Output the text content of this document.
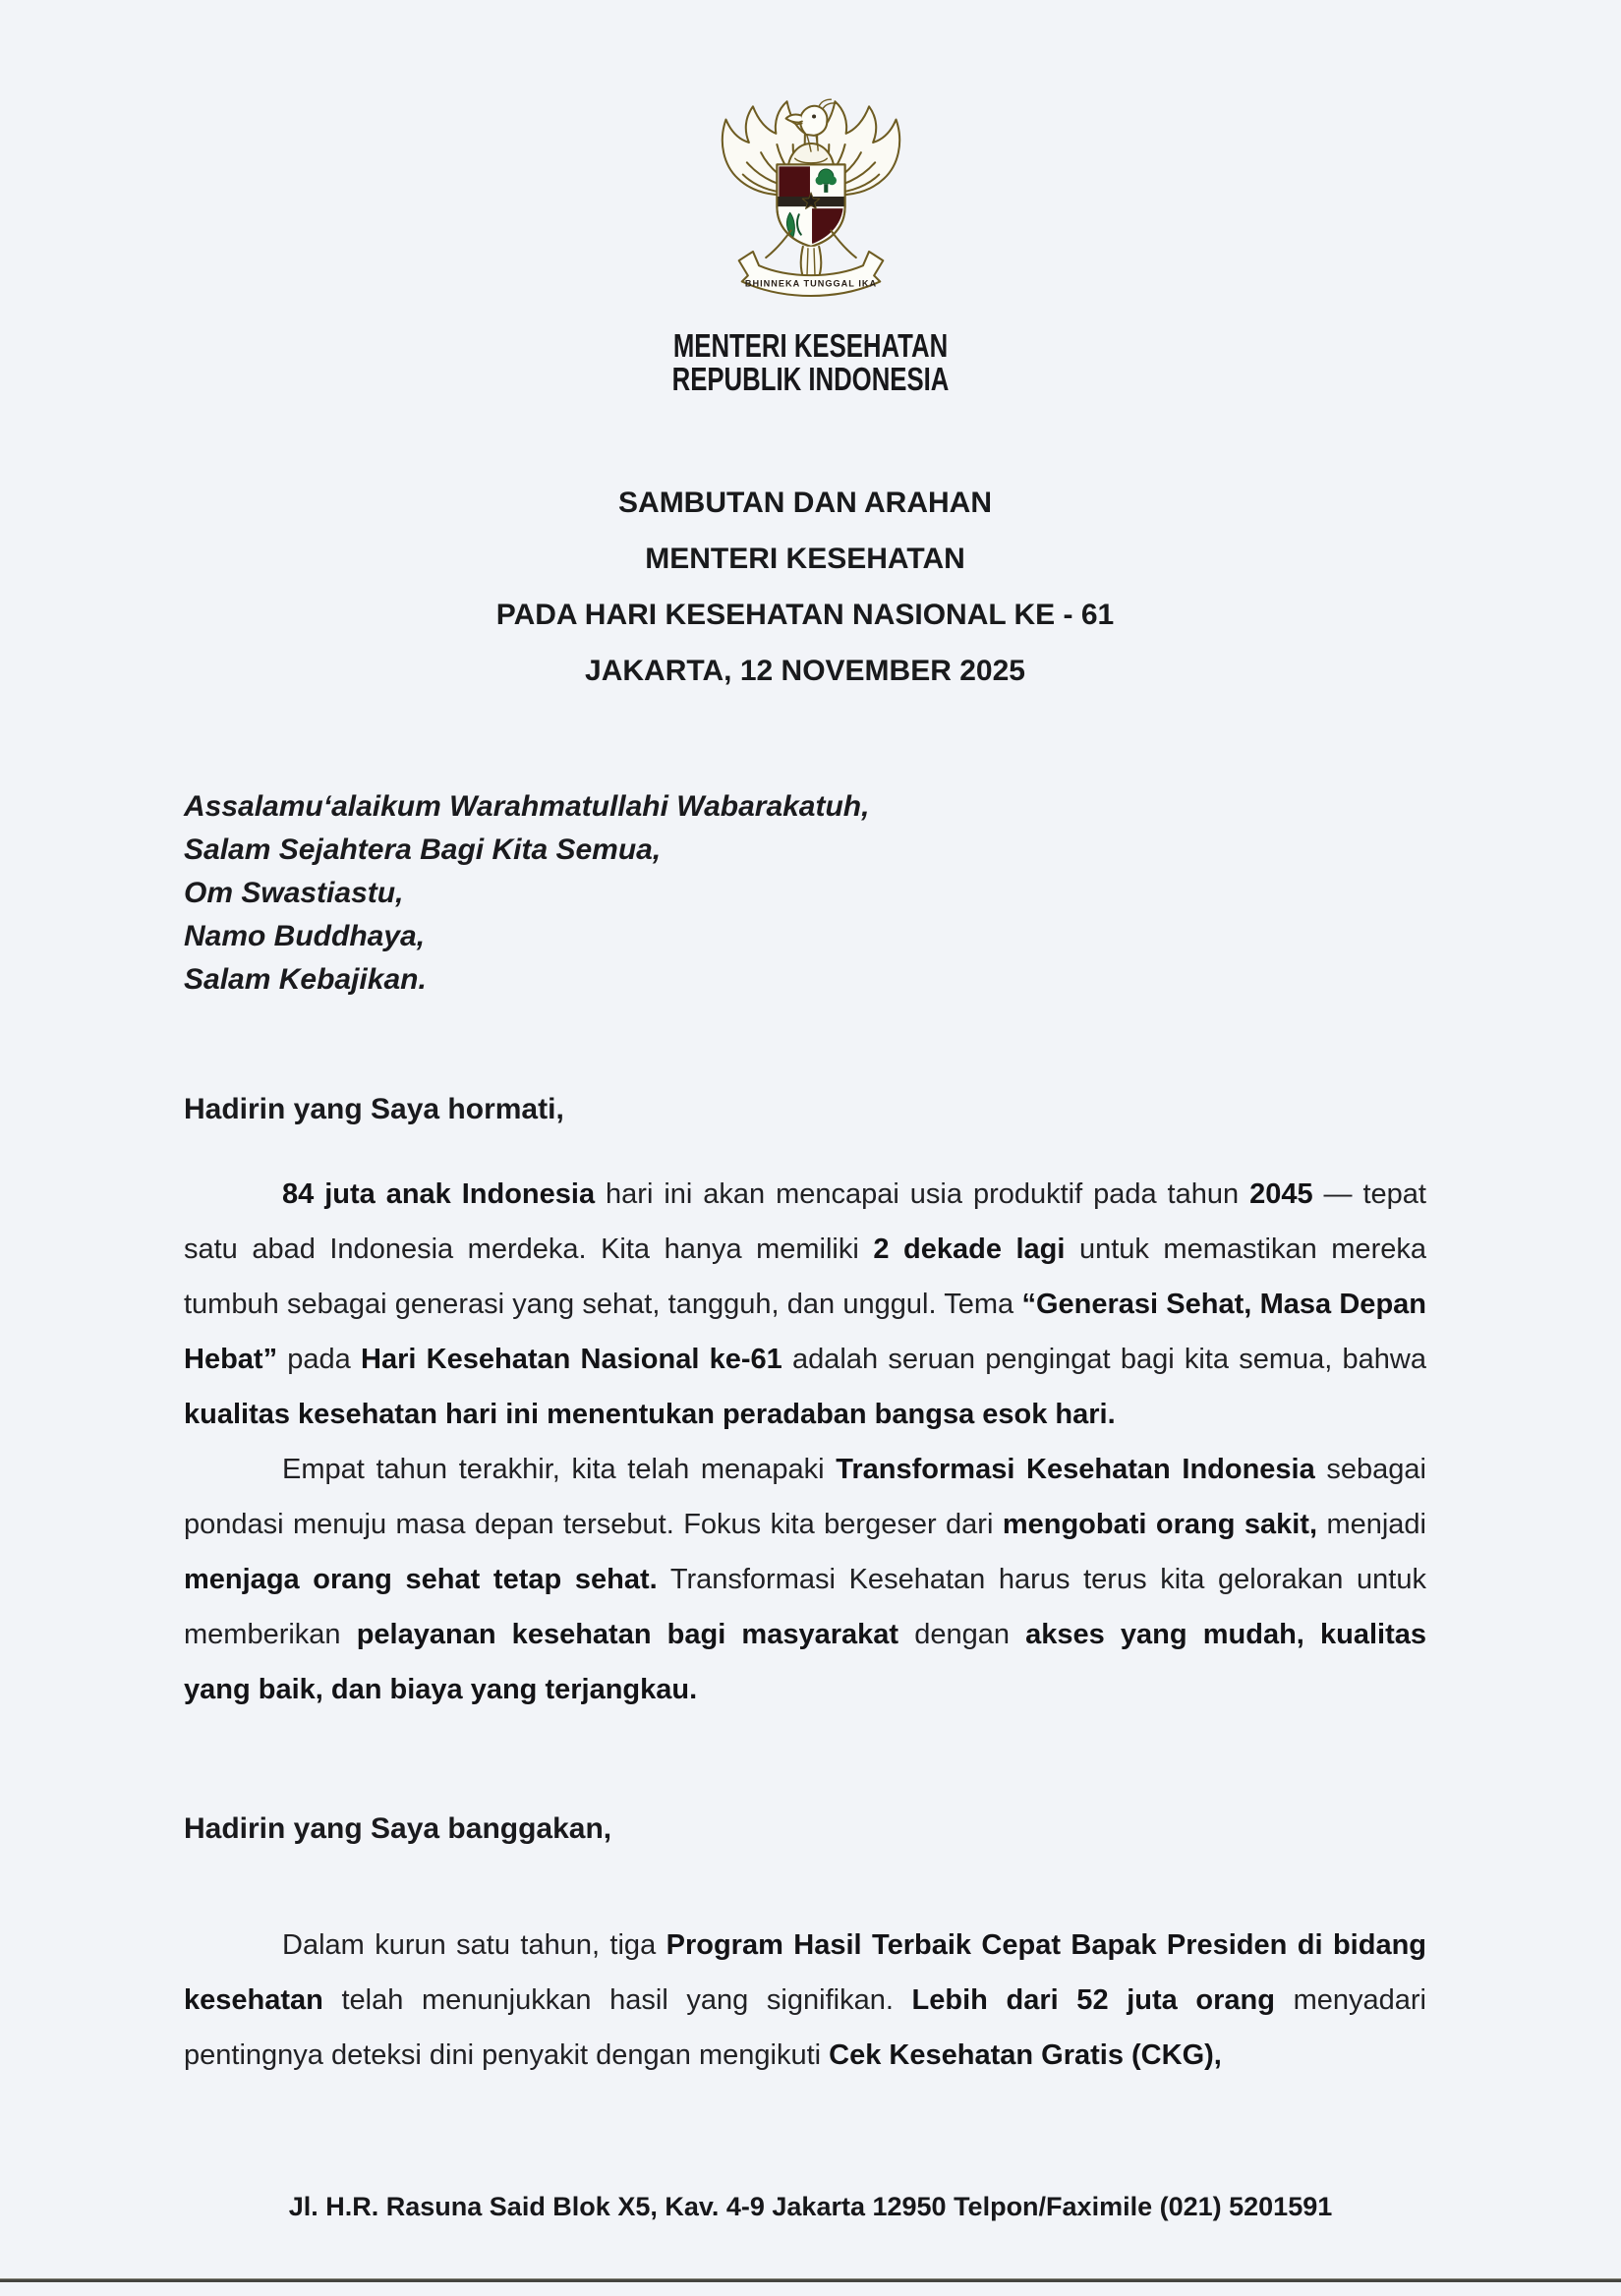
BHINNEKA TUNGGAL IKA
MENTERI KESEHATAN
REPUBLIK INDONESIA
SAMBUTAN DAN ARAHAN
MENTERI KESEHATAN
PADA HARI KESEHATAN NASIONAL KE - 61
JAKARTA, 12 NOVEMBER 2025
Assalamu‘alaikum Warahmatullahi Wabarakatuh,
Salam Sejahtera Bagi Kita Semua,
Om Swastiastu,
Namo Buddhaya,
Salam Kebajikan.
Hadirin yang Saya hormati,

84 juta anak Indonesia hari ini akan mencapai usia produktif pada tahun 2045 — tepat satu abad Indonesia merdeka. Kita hanya memiliki 2 dekade lagi untuk memastikan mereka tumbuh sebagai generasi yang sehat, tangguh, dan unggul. Tema “Generasi Sehat, Masa Depan Hebat” pada Hari Kesehatan Nasional ke-61 adalah seruan pengingat bagi kita semua, bahwa kualitas kesehatan hari ini menentukan peradaban bangsa esok hari.

Empat tahun terakhir, kita telah menapaki Transformasi Kesehatan Indonesia sebagai pondasi menuju masa depan tersebut. Fokus kita bergeser dari mengobati orang sakit, menjadi menjaga orang sehat tetap sehat. Transformasi Kesehatan harus terus kita gelorakan untuk memberikan pelayanan kesehatan bagi masyarakat dengan akses yang mudah, kualitas yang baik, dan biaya yang terjangkau.

Hadirin yang Saya banggakan,

Dalam kurun satu tahun, tiga Program Hasil Terbaik Cepat Bapak Presiden di bidang kesehatan telah menunjukkan hasil yang signifikan. Lebih dari 52 juta orang menyadari pentingnya deteksi dini penyakit dengan mengikuti Cek Kesehatan Gratis (CKG),

Jl. H.R. Rasuna Said Blok X5, Kav. 4-9 Jakarta 12950 Telpon/Faximile (021) 5201591
